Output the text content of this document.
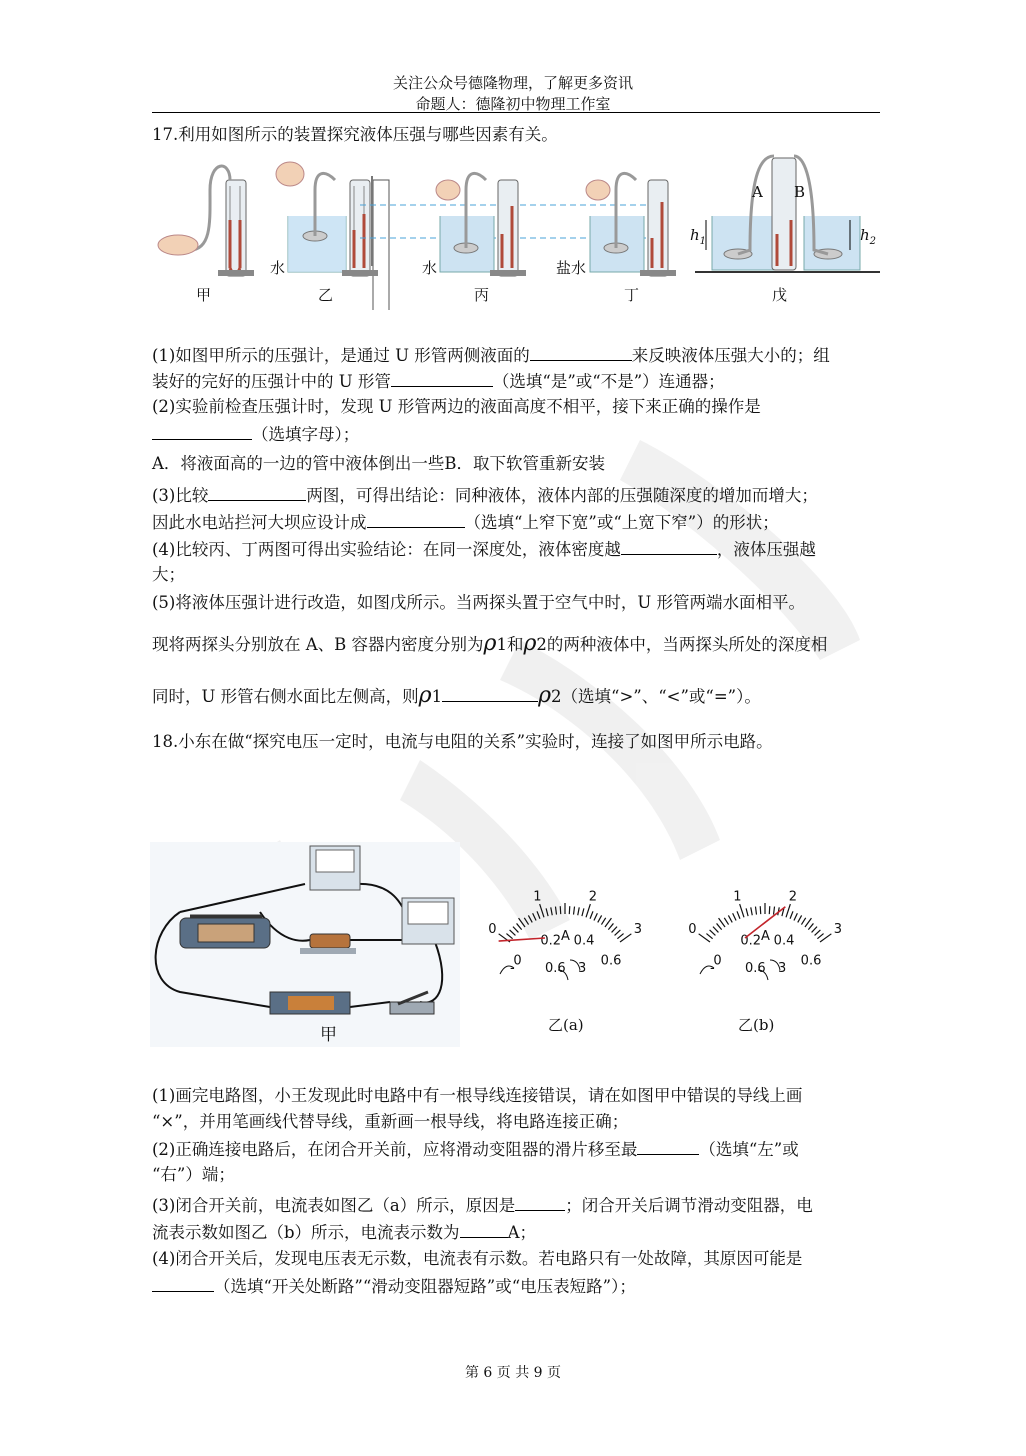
关注公众号德隆物理，了解更多资讯
命题人：德隆初中物理工作室
17.利用如图所示的装置探究液体压强与哪些因素有关。
甲	乙	丙	丁	戊
水	水	盐水
A B
$h_1$	$h_2$
(1)如图甲所示的压强计，是通过 U 形管两侧液面的	来反映液体压强大小的；组
装好的完好的压强计中的 U 形管	（选填“是”或“不是”）连通器；
(2)实验前检查压强计时，发现 U 形管两边的液面高度不相平，接下来正确的操作是
（选填字母）；
A．将液面高的一边的管中液体倒出一些B．取下软管重新安装
(3)比较	两图，可得出结论：同种液体，液体内部的压强随深度的增加而增大；
因此水电站拦河大坝应设计成	（选填“上窄下宽”或“上宽下窄”）的形状；
(4)比较丙、丁两图可得出实验结论：在同一深度处，液体密度越	，液体压强越
大；
(5)将液体压强计进行改造，如图戊所示。当两探头置于空气中时，U 形管两端水面相平。
现将两探头分别放在 A、B 容器内密度分别为ρ1和ρ2的两种液体中，当两探头所处的深度相
同时，U 形管右侧水面比左侧高，则ρ1	ρ2（选填“>”、“<”或“=”）。
18.小东在做“探究电压一定时，电流与电阻的关系”实验时，连接了如图甲所示电路。
甲
0
1	2
3
0
0.2 0.4
0.6
A
- 0.6 3
0
1	2
3
0
0.2 0.4
0.6
A
- 0.6 3
乙(a)	乙(b)
(1)画完电路图，小王发现此时电路中有一根导线连接错误，请在如图甲中错误的导线上画
“×”，并用笔画线代替导线，重新画一根导线，将电路连接正确；
(2)正确连接电路后，在闭合开关前，应将滑动变阻器的滑片移至最	（选填“左”或
“右”）端；
(3)闭合开关前，电流表如图乙（a）所示，原因是	；闭合开关后调节滑动变阻器，电
流表示数如图乙（b）所示，电流表示数为	A；
(4)闭合开关后，发现电压表无示数，电流表有示数。若电路只有一处故障，其原因可能是
（选填“开关处断路”“滑动变阻器短路”或“电压表短路”）；
第 6 页 共 9 页
